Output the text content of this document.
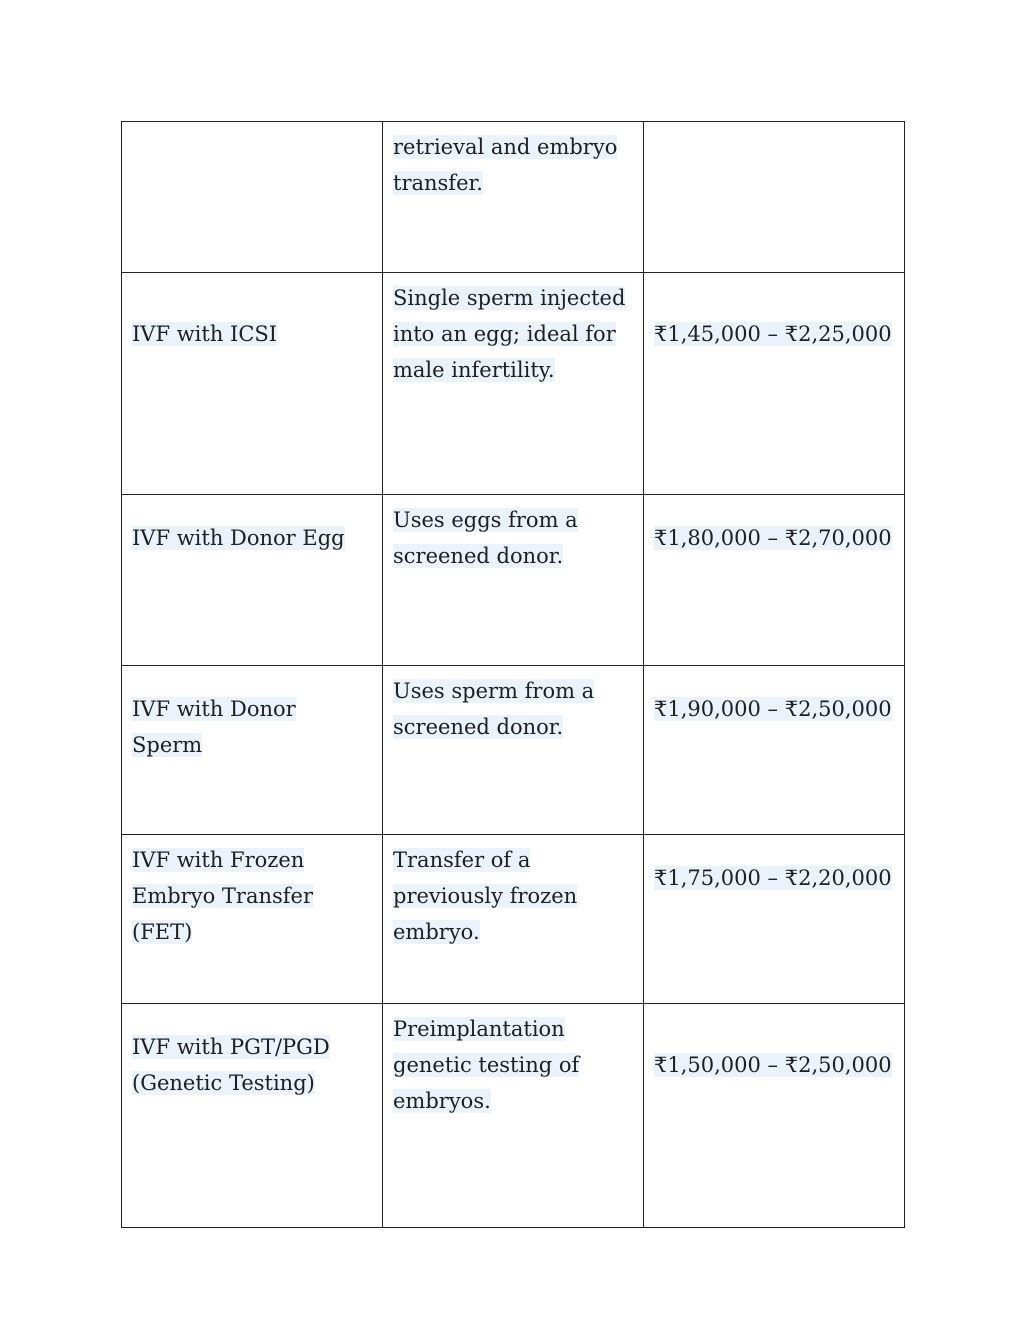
	retrieval and embryo transfer.	
IVF with ICSI	Single sperm injected into an egg; ideal for male infertility.	₹1,45,000 – ₹2,25,000
IVF with Donor Egg	Uses eggs from a screened donor.	₹1,80,000 – ₹2,70,000
IVF with Donor Sperm	Uses sperm from a screened donor.	₹1,90,000 – ₹2,50,000
IVF with Frozen Embryo Transfer (FET)	Transfer of a previously frozen embryo.	₹1,75,000 – ₹2,20,000
IVF with PGT/PGD (Genetic Testing)	Preimplantation genetic testing of embryos.	₹1,50,000 – ₹2,50,000
